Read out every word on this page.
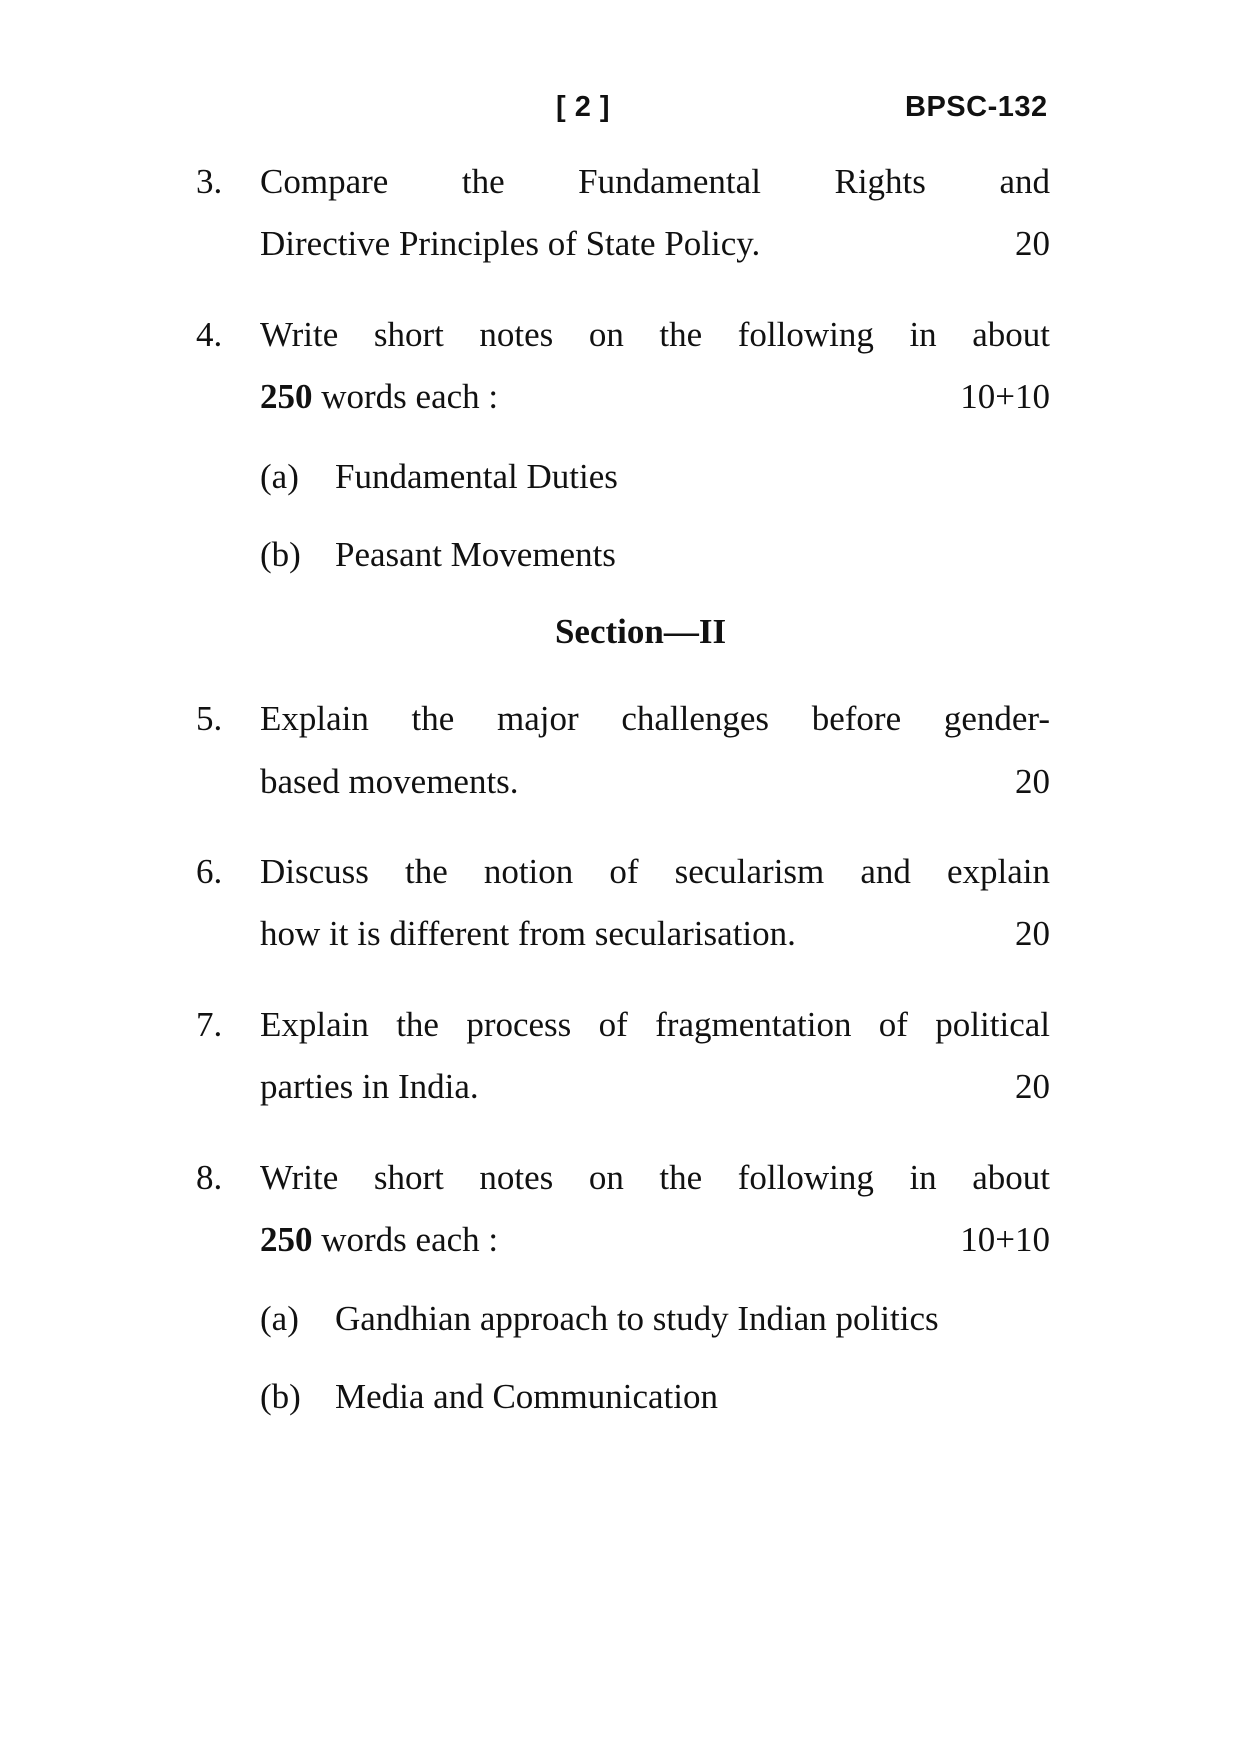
[ 2 ]	BPSC-132
3. Compare the Fundamental Rights and
Directive Principles of State Policy.	20
4. Write short notes on the following in about
250 words each :	10+10
(a) Fundamental Duties
(b) Peasant Movements
Section—II
5. Explain the major challenges before gender-
based movements.	20
6. Discuss the notion of secularism and explain
how it is different from secularisation.	20
7. Explain the process of fragmentation of political
parties in India.	20
8. Write short notes on the following in about
250 words each :	10+10
(a) Gandhian approach to study Indian politics
(b) Media and Communication
